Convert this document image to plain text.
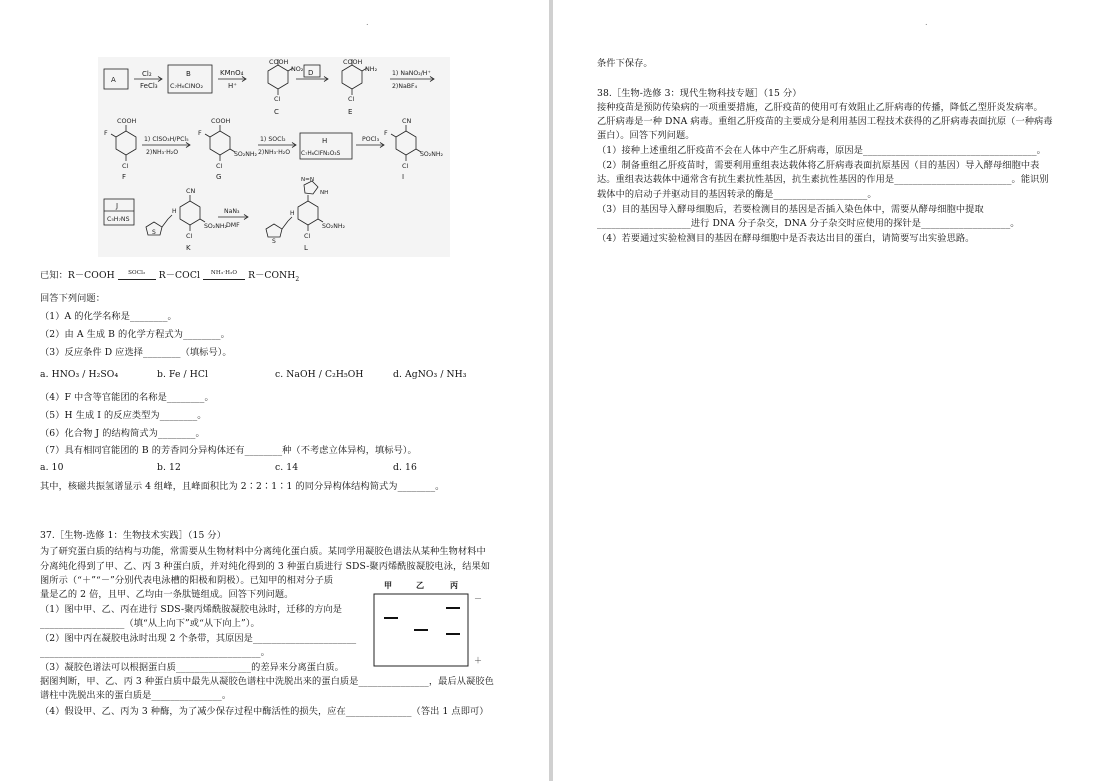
.
A
Cl₂
FeCl₃
B
C₇H₆ClNO₂
KMnO₄
H⁺
COOH
NO₂
Cl
C
D
COOH
NH₂
Cl
E
1) NaNO₂/H⁺
2)NaBF₄
COOH
F
Cl
F
1) ClSO₃H/PCl₅
2)NH₃·H₂O
COOH
F
Cl
SO₂NH₂
G
1) SOCl₂
2)NH₃·H₂O
H
C₇H₆ClFN₂O₃S
POCl₃
CN
F
Cl
SO₂NH₂
I
J
C₅H₇NS
CN
H
S	Cl
SO₂NH₂
K
NaN₃
DMF
N=N
NH
H
S
Cl
SO₂NH₂
L
已知：R－COOH SOCl₂ R－COCl NH₃·H₂O $R-CONH_2$
回答下列问题：
（1）A 的化学名称是________。
（2）由 A 生成 B 的化学方程式为________。
（3）反应条件 D 应选择________（填标号）。
a. HNO₃ / H₂SO₄	b. Fe / HCl	c. NaOH / C₂H₅OH	d. AgNO₃ / NH₃
（4）F 中含等官能团的名称是________。
（5）H 生成 I 的反应类型为________。
（6）化合物 J 的结构简式为________。
（7）具有相同官能团的 B 的芳香同分异构体还有________种（不考虑立体异构，填标号）。
a. 10	b. 12	c. 14	d. 16
其中，核磁共振氢谱显示 4 组峰，且峰面积比为 2∶2∶1∶1 的同分异构体结构简式为________。
37.［生物-选修 1：生物技术实践］（15 分）
为了研究蛋白质的结构与功能，常需要从生物材料中分离纯化蛋白质。某同学用凝胶色谱法从某种生物材料中
分离纯化得到了甲、乙、丙 3 种蛋白质，并对纯化得到的 3 种蛋白质进行 SDS-聚丙烯酰胺凝胶电泳，结果如
图所示（“＋”“－”分别代表电泳槽的阳极和阴极）。已知甲的相对分子质
量是乙的 2 倍，且甲、乙均由一条肽链组成。回答下列问题。
（1）图中甲、乙、丙在进行 SDS-聚丙烯酰胺凝胶电泳时，迁移的方向是
__________________（填“从上向下”或“从下向上”）。
（2）图中丙在凝胶电泳时出现 2 个条带，其原因是______________________
_______________________________________________。
（3）凝胶色谱法可以根据蛋白质________________的差异来分离蛋白质。
据图判断，甲、乙、丙 3 种蛋白质中最先从凝胶色谱柱中洗脱出来的蛋白质是_______________，最后从凝胶色
谱柱中洗脱出来的蛋白质是_______________。
（4）假设甲、乙、丙为 3 种酶，为了减少保存过程中酶活性的损失，应在______________（答出 1 点即可）
甲	乙	丙
－
＋
.
条件下保存。
38.［生物-选修 3：现代生物科技专题］（15 分）
接种疫苗是预防传染病的一项重要措施，乙肝疫苗的使用可有效阻止乙肝病毒的传播，降低乙型肝炎发病率。
乙肝病毒是一种 DNA 病毒。重组乙肝疫苗的主要成分是利用基因工程技术获得的乙肝病毒表面抗原（一种病毒
蛋白）。回答下列问题。
（1）接种上述重组乙肝疫苗不会在人体中产生乙肝病毒，原因是_____________________________________。
（2）制备重组乙肝疫苗时，需要利用重组表达载体将乙肝病毒表面抗原基因（目的基因）导入酵母细胞中表
达。重组表达载体中通常含有抗生素抗性基因，抗生素抗性基因的作用是_________________________。能识别
载体中的启动子并驱动目的基因转录的酶是____________________。
（3）目的基因导入酵母细胞后，若要检测目的基因是否插入染色体中，需要从酵母细胞中提取
____________________进行 DNA 分子杂交，DNA 分子杂交时应使用的探针是___________________。
（4）若要通过实验检测目的基因在酵母细胞中是否表达出目的蛋白，请简要写出实验思路。
